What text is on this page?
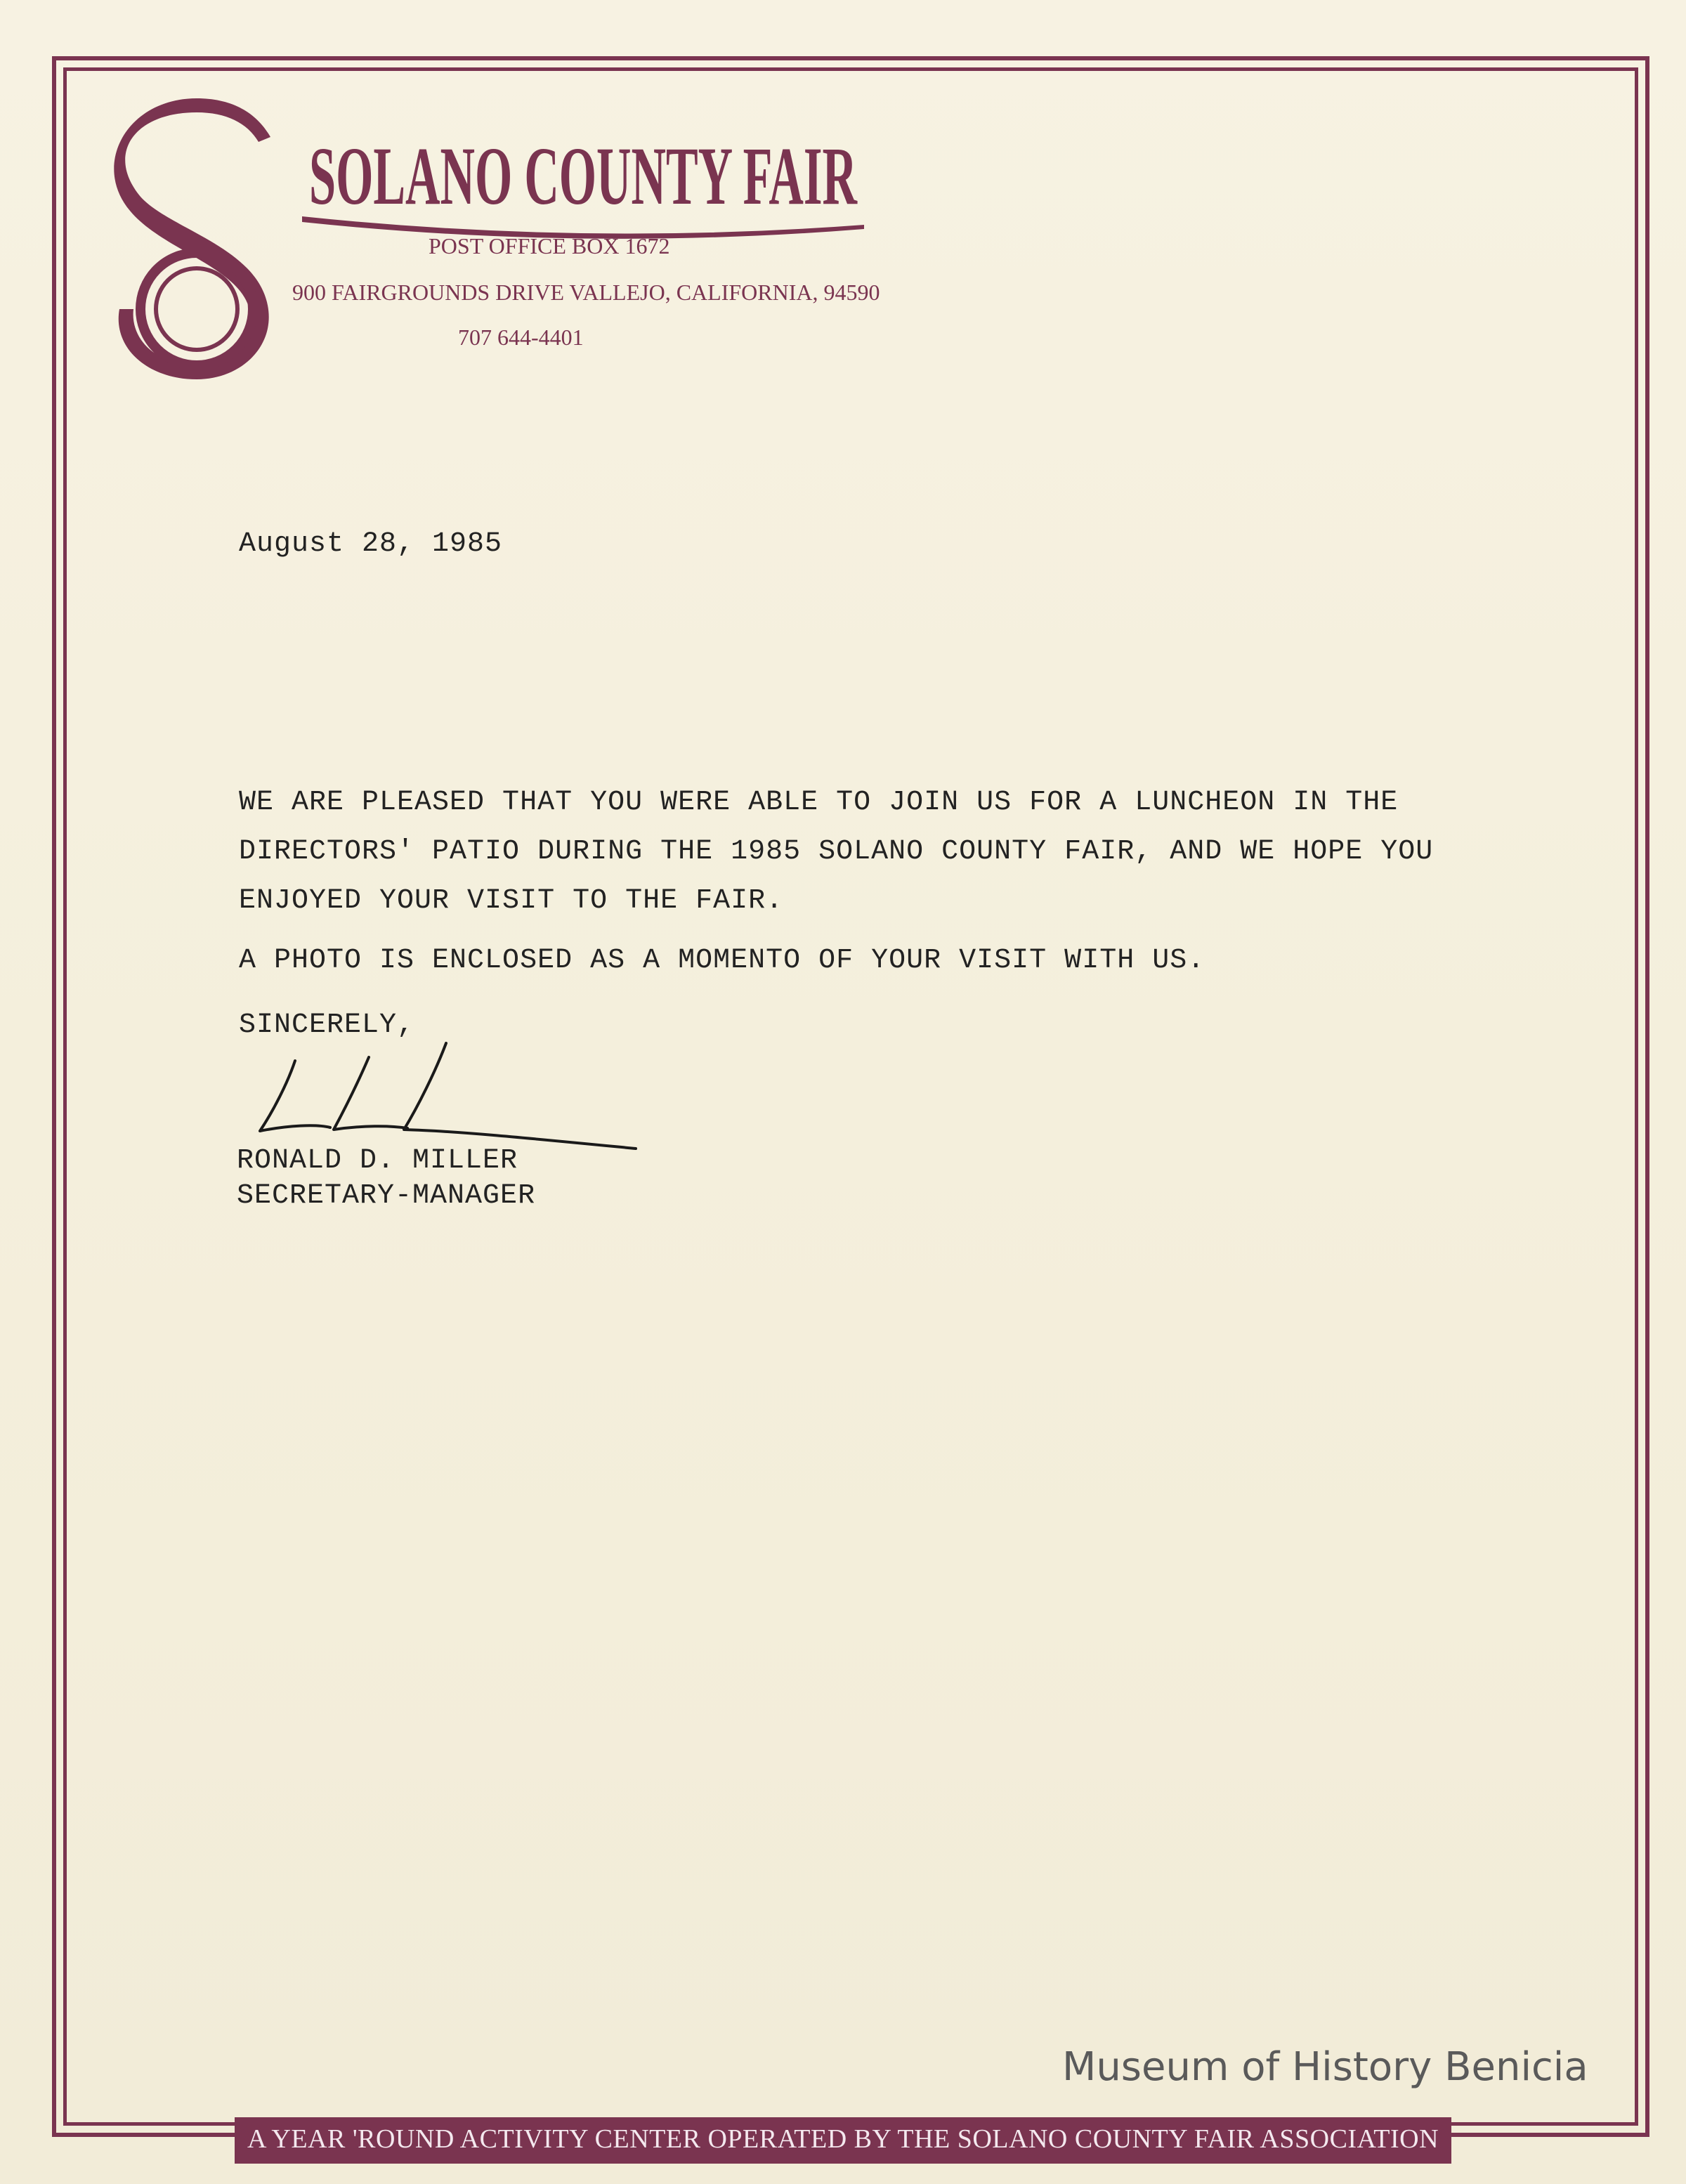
SOLANO COUNTY FAIR
POST OFFICE BOX 1672
900 FAIRGROUNDS DRIVE VALLEJO, CALIFORNIA, 94590
707 644-4401
August 28, 1985
WE ARE PLEASED THAT YOU WERE ABLE TO JOIN US FOR A LUNCHEON IN THE
DIRECTORS' PATIO DURING THE 1985 SOLANO COUNTY FAIR, AND WE HOPE YOU
ENJOYED YOUR VISIT TO THE FAIR.
A PHOTO IS ENCLOSED AS A MOMENTO OF YOUR VISIT WITH US.
SINCERELY,
RONALD D. MILLER
SECRETARY-MANAGER
A YEAR 'ROUND ACTIVITY CENTER OPERATED BY THE SOLANO COUNTY FAIR ASSOCIATION
Museum of History Benicia
